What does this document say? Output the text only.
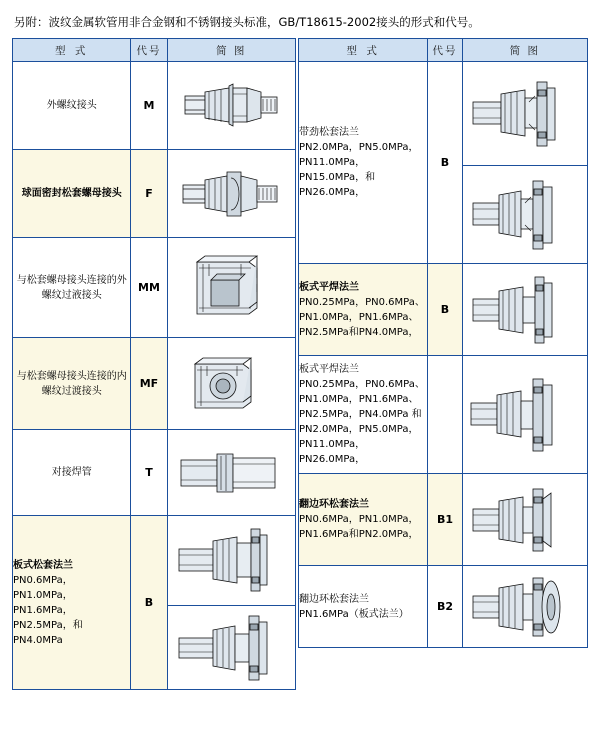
另附：波纹金属软管用非合金钢和不锈钢接头标准，GB/T18615-2002接头的形式和代号。
型 式	代号	简 图
外螺纹接头	M	

球面密封松套螺母接头	F	

与松套螺母接头连接的外螺纹过液接头	MM	

与松套螺母接头连接的内螺纹过渡接头	MF	

对接焊管	T	

板式松套法兰
PN0.6MPa，PN1.0MPa，PN1.6MPa，PN2.5MPa，和PN4.0MPa	B	

型 式	代号	简 图

带劲松套法兰
PN2.0MPa，PN5.0MPa，PN11.0MPa，PN15.0MPa，和PN26.0MPa，	B	

板式平焊法兰
PN0.25MPa，PN0.6MPa、PN1.0MPa，PN1.6MPa、PN2.5MPa和PN4.0MPa，	B	

板式平焊法兰
PN0.25MPa，PN0.6MPa、PN1.0MPa，PN1.6MPa、PN2.5MPa，PN4.0MPa 和PN2.0MPa，PN5.0MPa，PN11.0MPa，PN26.0MPa，

翻边环松套法兰
PN0.6MPa，PN1.0MPa，PN1.6MPa和PN2.0MPa，	B1	

翻边环松套法兰
PN1.6MPa（板式法兰）	B2	
